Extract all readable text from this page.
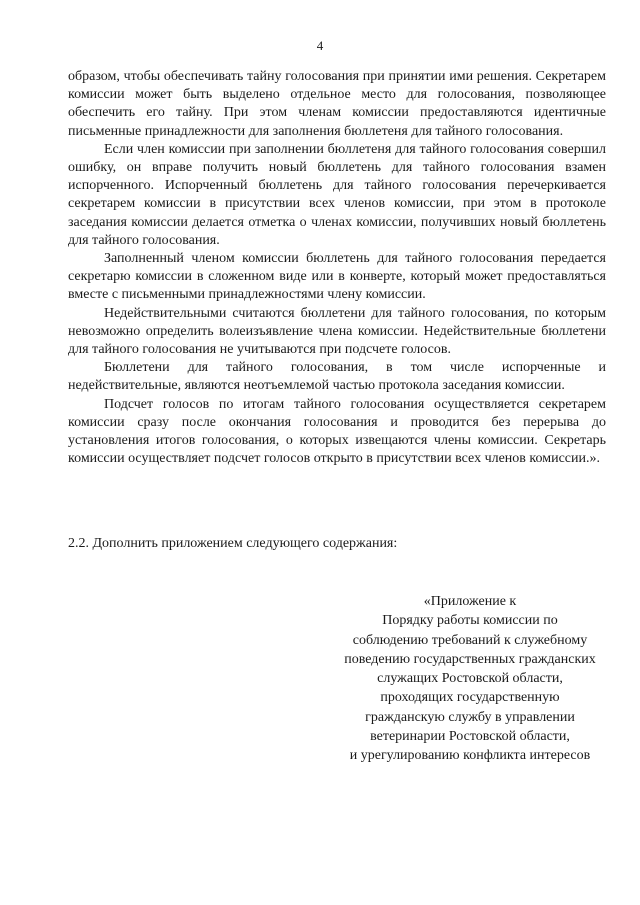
4

образом, чтобы обеспечивать тайну голосования при принятии ими решения. Секретарем комиссии может быть выделено отдельное место для голосования, позволяющее обеспечить его тайну. При этом членам комиссии предоставляются идентичные письменные принадлежности для заполнения бюллетеня для тайного голосования.

Если член комиссии при заполнении бюллетеня для тайного голосования совершил ошибку, он вправе получить новый бюллетень для тайного голосования взамен испорченного. Испорченный бюллетень для тайного голосования перечеркивается секретарем комиссии в присутствии всех членов комиссии, при этом в протоколе заседания комиссии делается отметка о членах комиссии, получивших новый бюллетень для тайного голосования.

Заполненный членом комиссии бюллетень для тайного голосования передается секретарю комиссии в сложенном виде или в конверте, который может предоставляться вместе с письменными принадлежностями члену комиссии.

Недействительными считаются бюллетени для тайного голосования, по которым невозможно определить волеизъявление члена комиссии. Недействительные бюллетени для тайного голосования не учитываются при подсчете голосов.

Бюллетени для тайного голосования, в том числе испорченные и недействительные, являются неотъемлемой частью протокола заседания комиссии.

Подсчет голосов по итогам тайного голосования осуществляется секретарем комиссии сразу после окончания голосования и проводится без перерыва до установления итогов голосования, о которых извещаются члены комиссии. Секретарь комиссии осуществляет подсчет голосов открыто в присутствии всех членов комиссии.».

2.2. Дополнить приложением следующего содержания:

«Приложение к
Порядку работы комиссии по
соблюдению требований к служебному
поведению государственных гражданских
служащих Ростовской области,
проходящих государственную
гражданскую службу в управлении
ветеринарии Ростовской области,
и урегулированию конфликта интересов
